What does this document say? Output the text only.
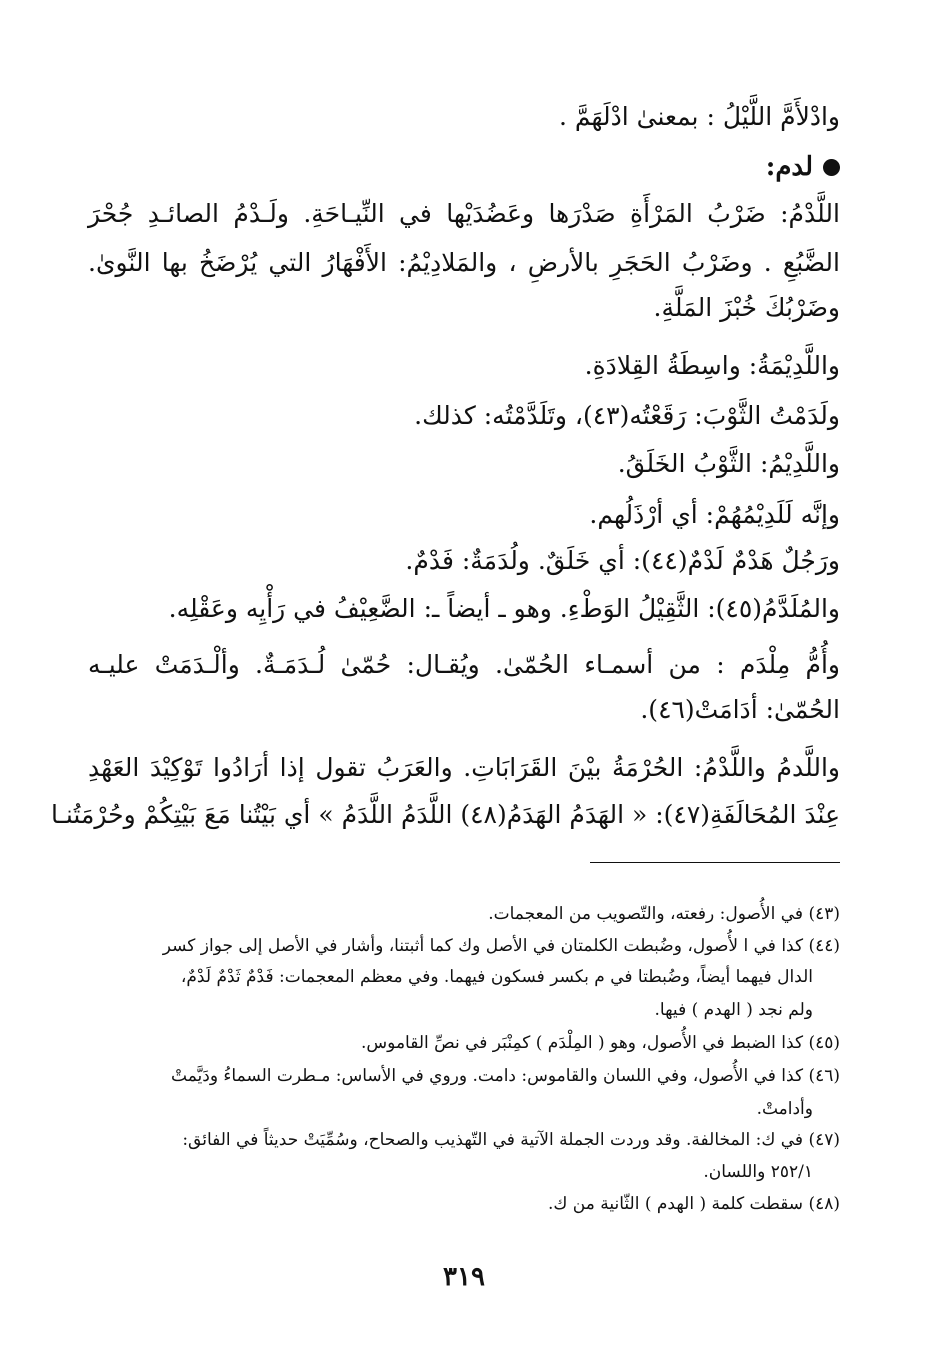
وادْلأَمَّ اللَّيْلُ : بمعنىٰ ادْلَهَمَّ .
لدم:
اللَّدْمُ: ضَرْبُ المَرْأَةِ صَدْرَها وعَضُدَيْها في النِّيـاحَةِ. ولَـدْمُ الصائـدِ جُحْرَ
الضَّبُعِ . وضَرْبُ الحَجَرِ بالأرضِ ، والمَلادِيْمُ: الأَفْهَارُ التي يُرْضَخُ بها النَّوىٰ.
وضَرْبُكَ خُبْزَ المَلَّةِ.
واللَّدِيْمَةُ: واسِطَةُ القِلادَةِ.
ولَدَمْتُ الثَّوْبَ: رَقَعْتُه(٤٣)، وتَلَدَّمْتُه: كذلك.
واللَّدِيْمُ: الثَّوْبُ الخَلَقُ.
وإنَّه لَلَدِيْمُهُمْ: أي أرْذَلُهم.
ورَجُلٌ هَدْمٌ لَدْمٌ(٤٤): أي خَلَقٌ. ولُدَمَةٌ: فَدْمٌ.
والمُلَدَّمُ(٤٥): الثَّقِيْلُ الوَطْءِ. وهو ـ أيضاً ـ: الضَّعِيْفُ في رَأْيِه وعَقْلِه.
وأُمُّ مِلْدَم : من أسمـاء الحُمّىٰ. ويُقـال: حُمّىٰ لُـدَمَـةٌ. وألْـدَمَتْ عليـه
الحُمّىٰ: أدَامَتْ(٤٦).
واللَّدمُ واللَّدْمُ: الحُرْمَةُ بيْنَ القَرَابَاتِ. والعَرَبُ تقول إذا أرَادُوا تَوْكِيْدَ العَهْدِ
عِنْدَ المُحَالَفَةِ(٤٧): « الهَدَمُ الهَدَمُ(٤٨) اللَّدَمُ اللَّدَمُ » أي بَيْتُنا مَعَ بَيْتِكُمْ وحُرْمَتُنـا
(٤٣) في الأُصول: رفعته، والتّصويب من المعجمات.
(٤٤) كذا في ا لأُصول، وضُبطت الكلمتان في الأصل وك كما أثبتنا، وأشار في الأصل إلى جواز كسر
الدال فيهما أيضاً، وضُبطتا في م بكسر فسكون فيهما. وفي معظم المعجمات: فَدْمٌ ثَدْمٌ لَدْمٌ،
ولم نجد ( الهدم ) فيها.
(٤٥) كذا الضبط في الأُصول، وهو ( المِلْدَم ) كمِنْبَر في نصِّ القاموس.
(٤٦) كذا في الأُصول، وفي اللسان والقاموس: دامت. وروي في الأساس: مـطرت السماءُ ودَيَّمتْ
وأدامتْ.
(٤٧) في ك: المخالفة. وقد وردت الجملة الآتية في التّهذيب والصحاح، وسُمِّيَتْ حديثاً في الفائق:
٢٥٢/١ واللسان.
(٤٨) سقطت كلمة ( الهدم ) الثّانية من ك.
٣١٩
